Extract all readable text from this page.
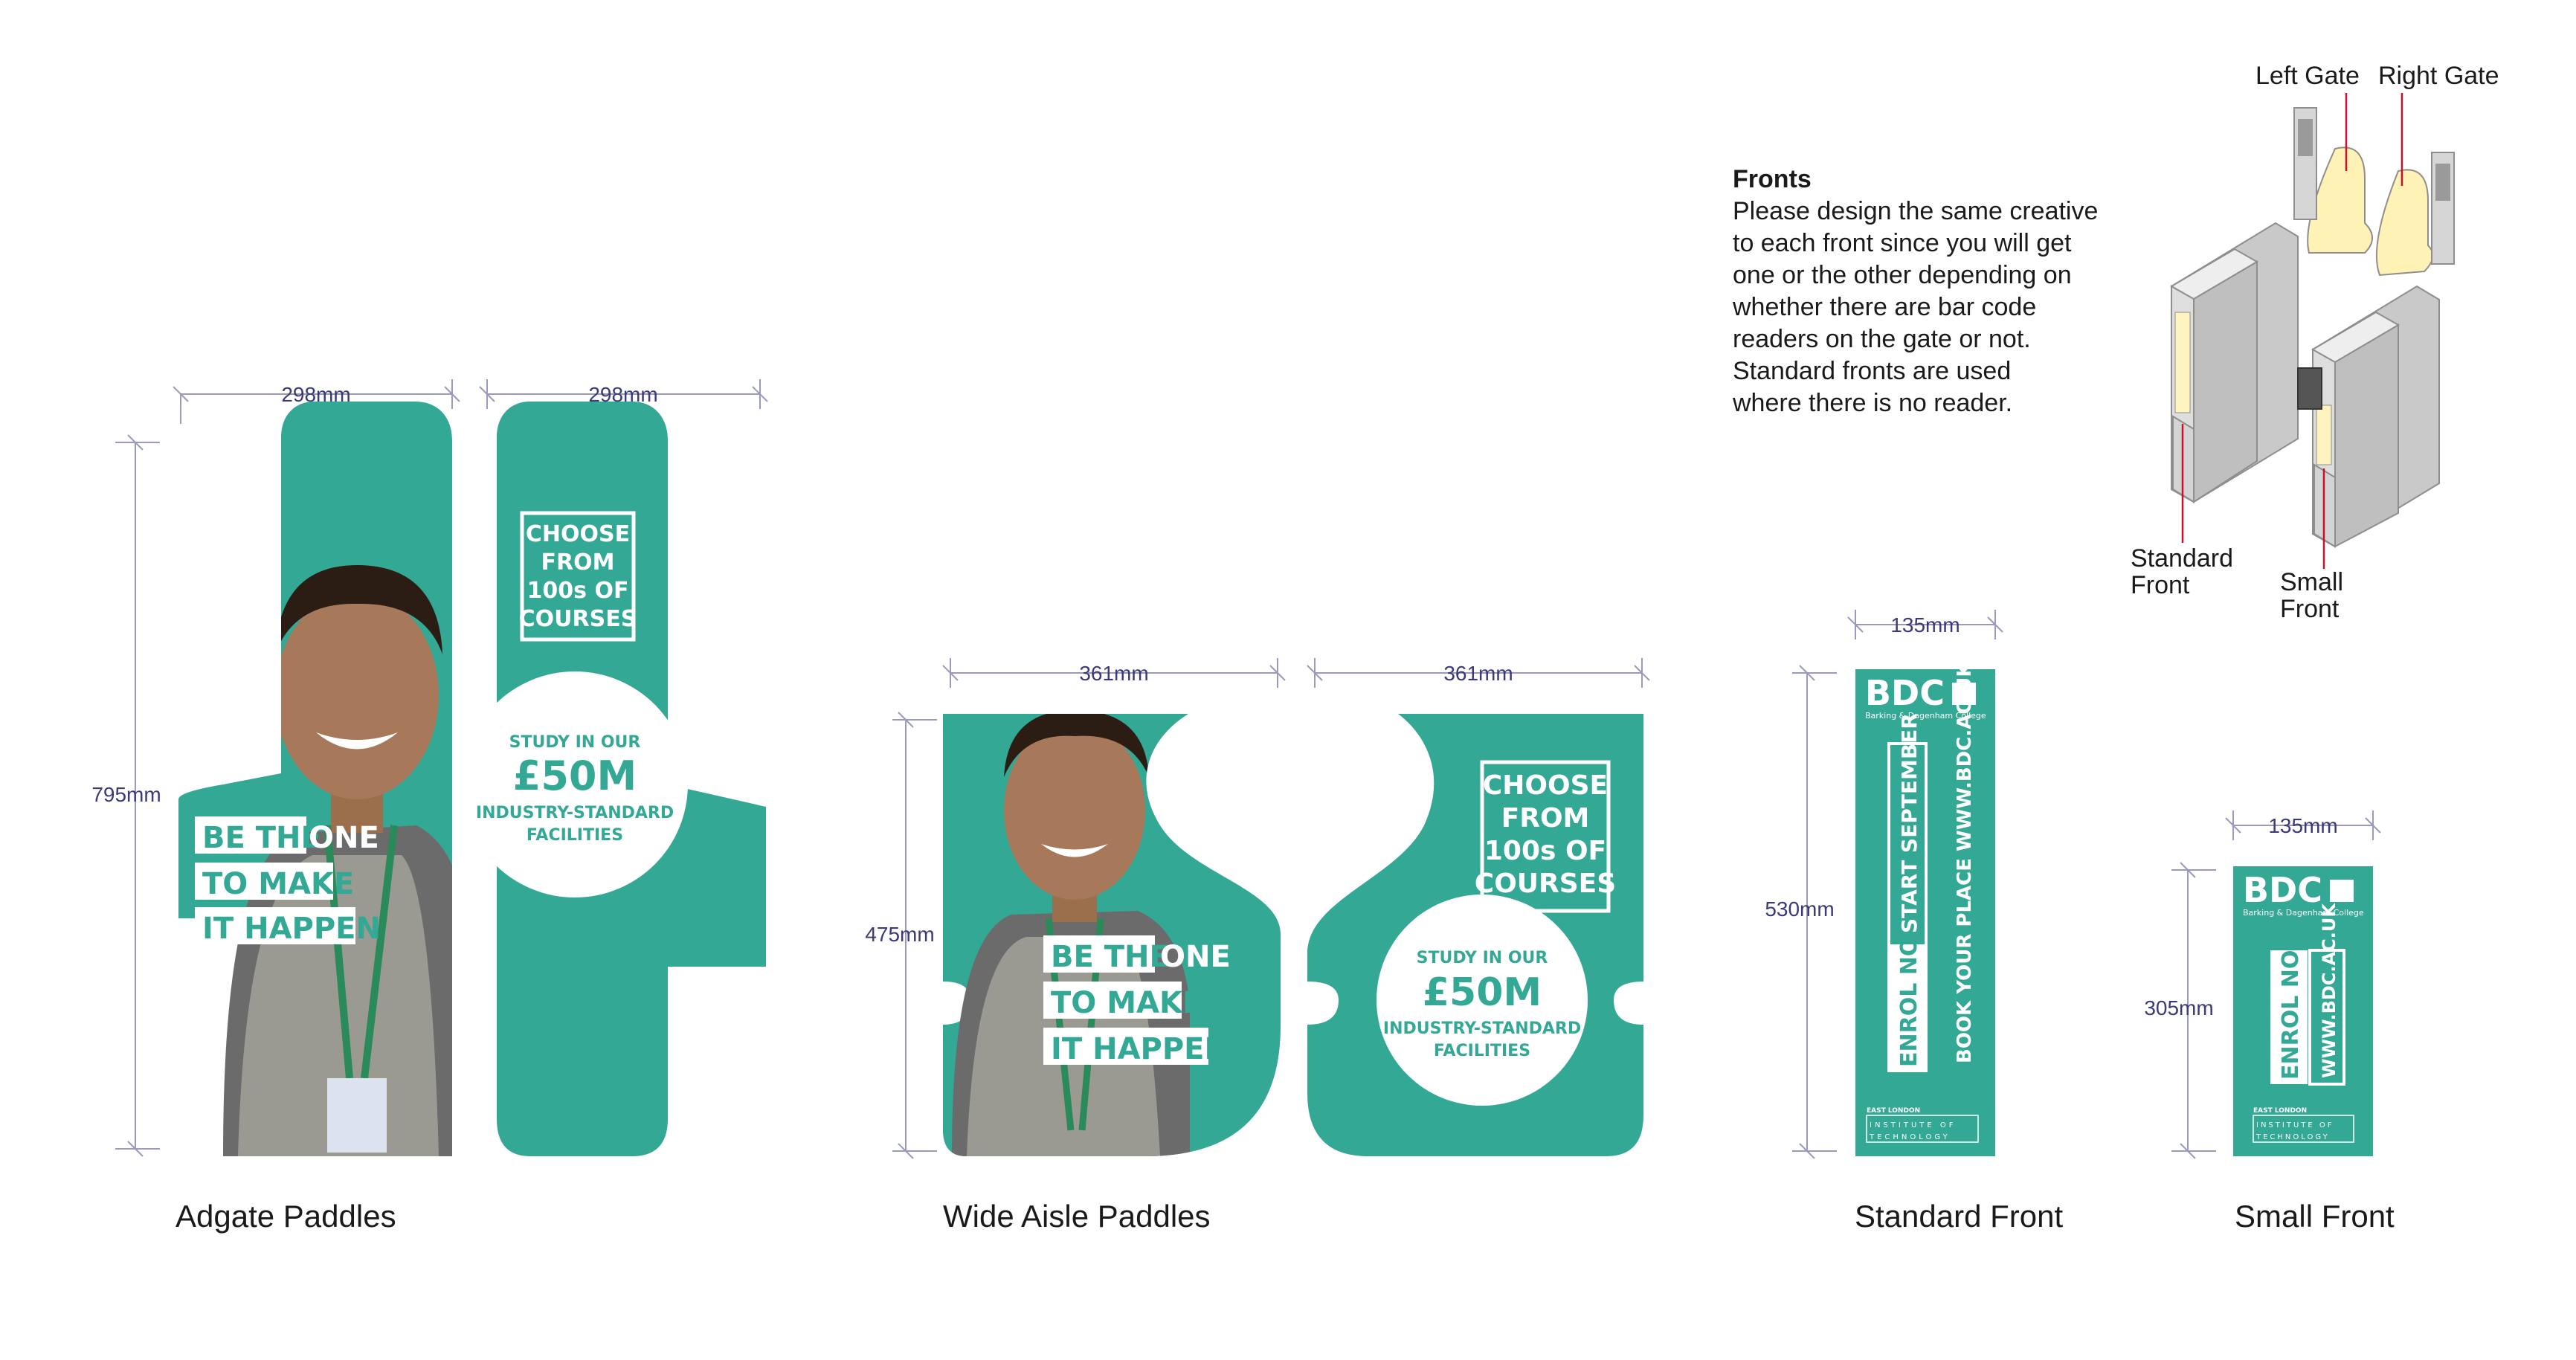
BE THE
ONE
TO MAKE
IT HAPPEN
CHOOSE
FROM
100s OF
COURSES
STUDY IN OUR
£50M
INDUSTRY-STANDARD
FACILITIES
298mm	298mm
795mm
BE THE
ONE
TO MAKE
IT HAPPEN
CHOOSE
FROM
100s OF
COURSES
STUDY IN OUR
£50M
INDUSTRY-STANDARD
FACILITIES
361mm	361mm
475mm
BDC
Barking & Dagenham College
ENROL NOW
START SEPTEMBER BOOK YOUR PLACE WWW.BDC.AC.UK
EAST LONDON
INSTITUTE OF
TECHNOLOGY
135mm
530mm	BDC
Barking & Dagenham College
ENROL NOW WWW.BDC.AC.UK
EAST LONDON
INSTITUTE OF
TECHNOLOGY
135mm
305mm
Adgate Paddles	Wide Aisle Paddles	Standard Front	Small Front
Fronts
Please design the same creative
to each front since you will get
one or the other depending on
whether there are bar code
readers on the gate or not.
Standard fronts are used
where there is no reader.
Left Gate Right Gate
Standard
Front	Small
Front
